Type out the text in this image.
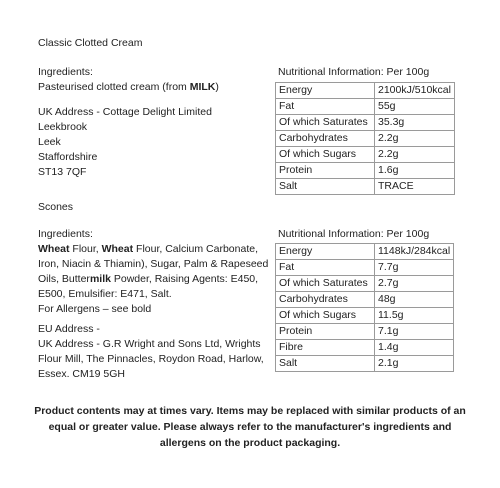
Classic Clotted Cream

Ingredients:

Pasteurised clotted cream (from MILK)

UK Address - Cottage Delight Limited

Leekbrook

Leek

Staffordshire

ST13 7QF

Nutritional Information: Per 100g

Energy	2100kJ/510kcal
Fat	55g
Of which Saturates	35.3g
Carbohydrates	2.2g
Of which Sugars	2.2g
Protein	1.6g
Salt	TRACE

Scones

Ingredients:

Wheat Flour, Wheat Flour, Calcium Carbonate,

Iron, Niacin & Thiamin), Sugar, Palm & Rapeseed

Oils, Buttermilk Powder, Raising Agents: E450,

E500, Emulsifier: E471, Salt.

For Allergens – see bold

EU Address -

UK Address - G.R Wright and Sons Ltd, Wrights

Flour Mill, The Pinnacles, Roydon Road, Harlow,

Essex. CM19 5GH

Nutritional Information: Per 100g

Energy	1148kJ/284kcal
Fat	7.7g
Of which Saturates	2.7g
Carbohydrates	48g
Of which Sugars	11.5g
Protein	7.1g
Fibre	1.4g
Salt	2.1g
Product contents may at times vary. Items may be replaced with similar products of an
equal or greater value. Please always refer to the manufacturer's ingredients and
allergens on the product packaging.
